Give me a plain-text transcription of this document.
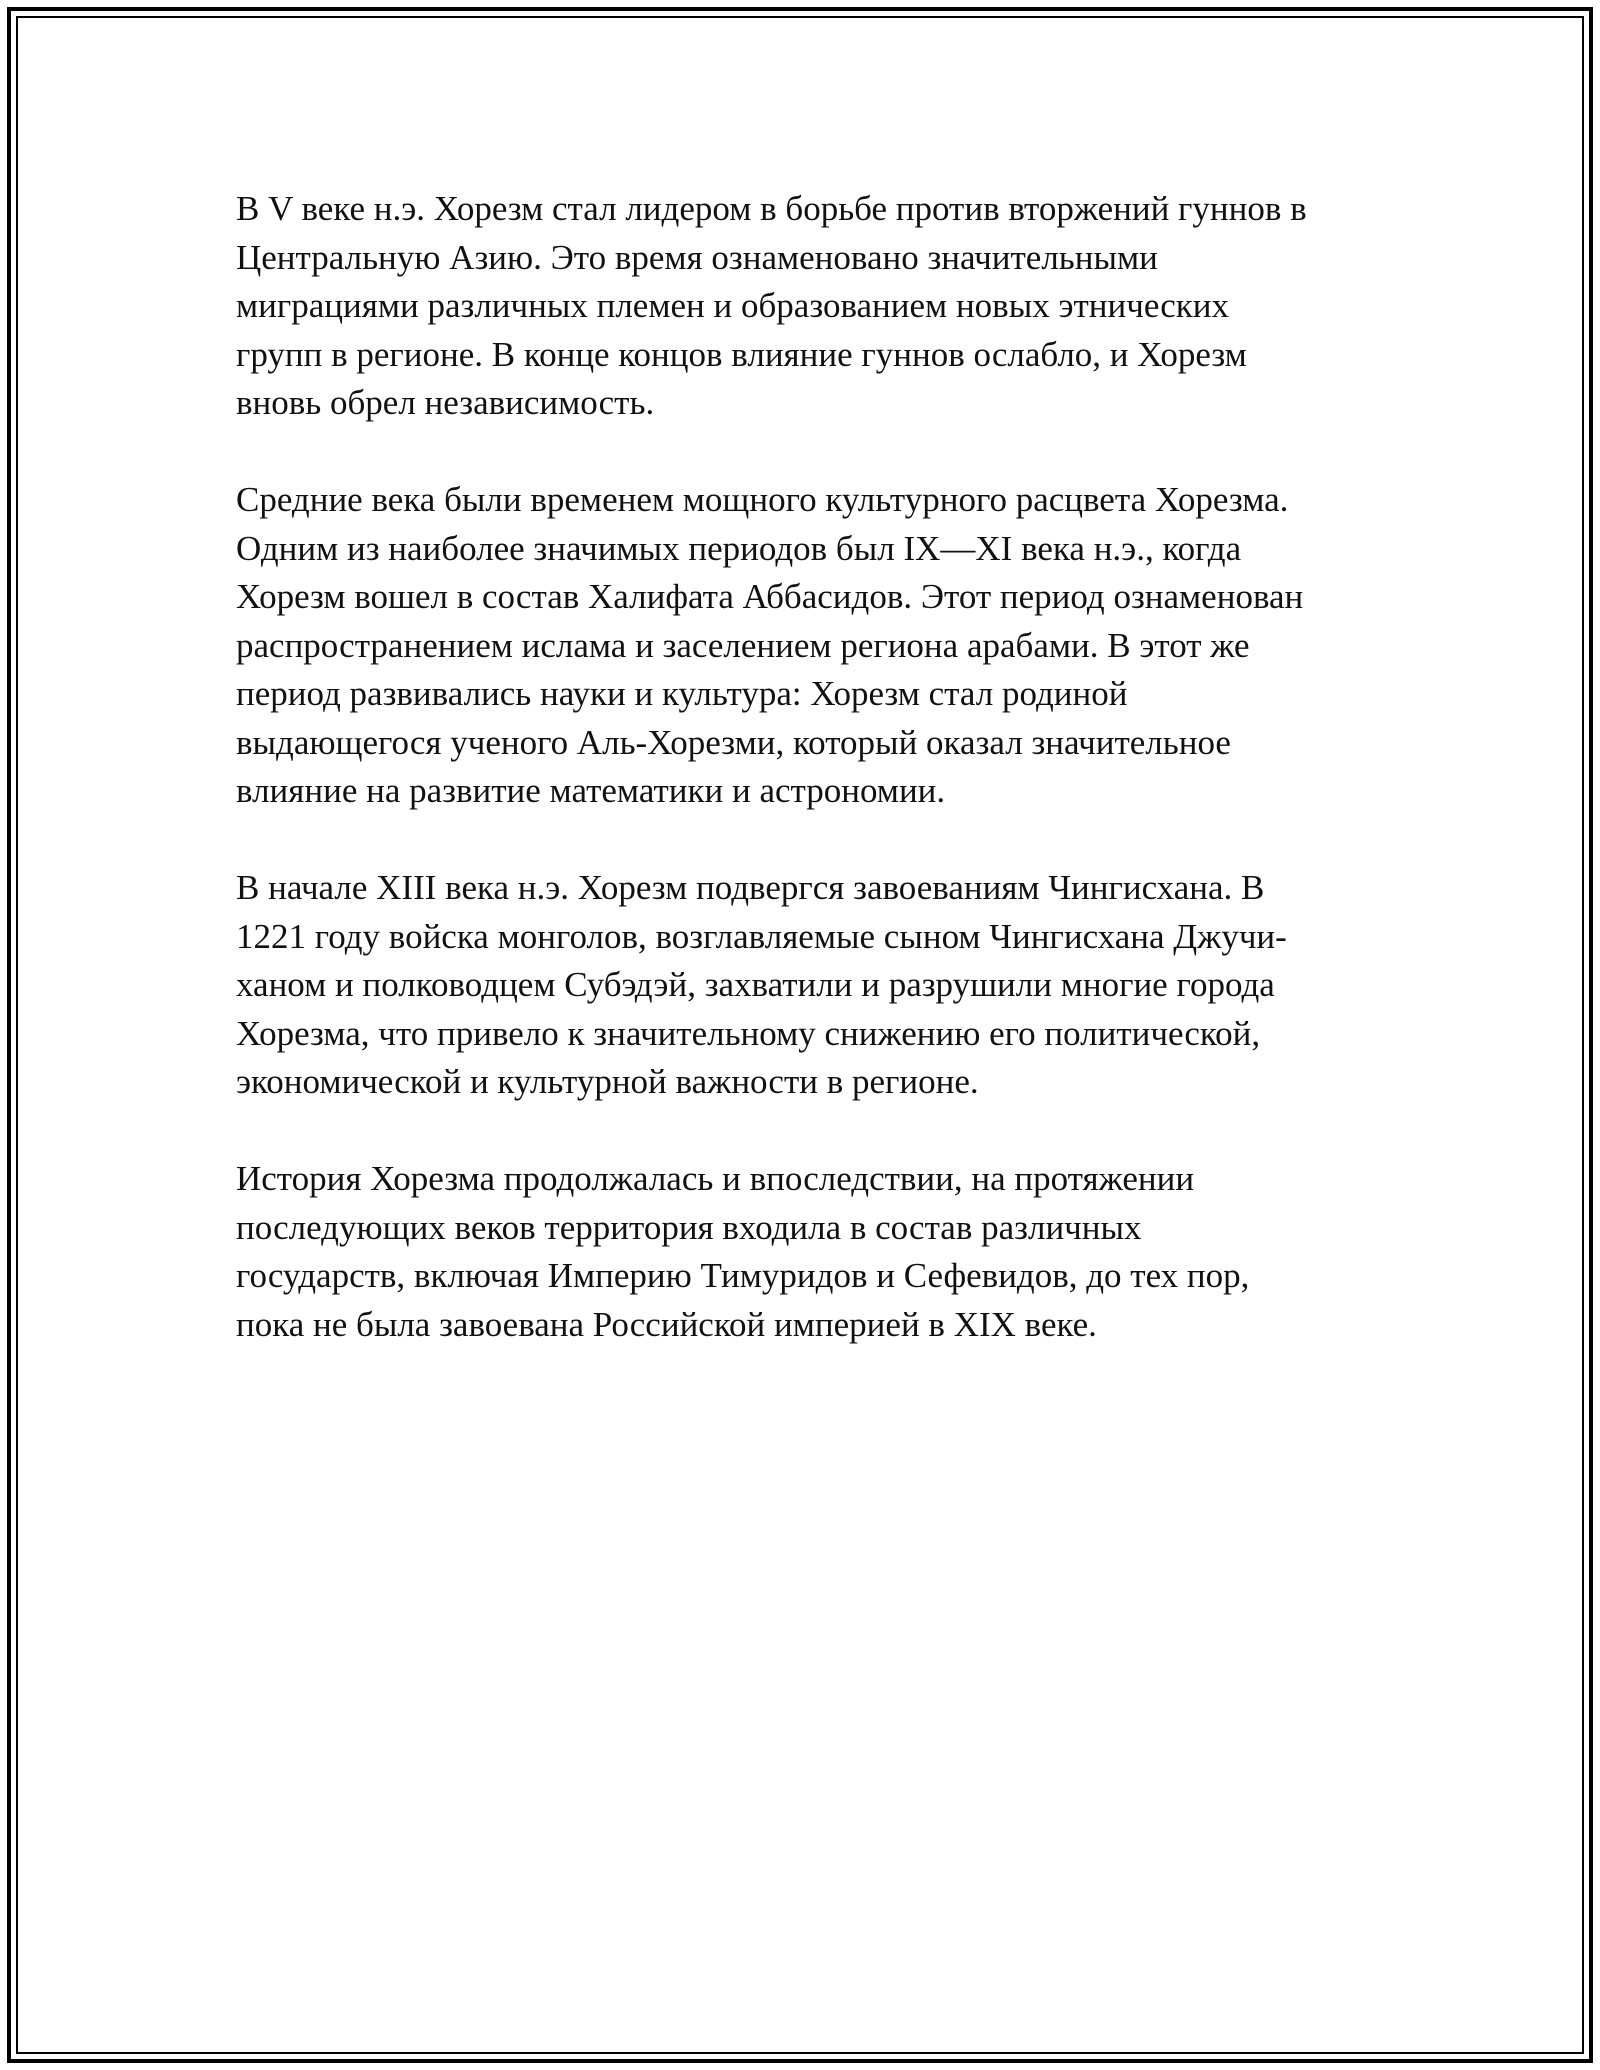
В V веке н.э. Хорезм стал лидером в борьбе против вторжений гуннов в
Центральную Азию. Это время ознаменовано значительными
миграциями различных племен и образованием новых этнических
групп в регионе. В конце концов влияние гуннов ослабло, и Хорезм
вновь обрел независимость.

Средние века были временем мощного культурного расцвета Хорезма.
Одним из наиболее значимых периодов был IX—XI века н.э., когда
Хорезм вошел в состав Халифата Аббасидов. Этот период ознаменован
распространением ислама и заселением региона арабами. В этот же
период развивались науки и культура: Хорезм стал родиной
выдающегося ученого Аль-Хорезми, который оказал значительное
влияние на развитие математики и астрономии.

В начале XIII века н.э. Хорезм подвергся завоеваниям Чингисхана. В
1221 году войска монголов, возглавляемые сыном Чингисхана Джучи-
ханом и полководцем Субэдэй, захватили и разрушили многие города
Хорезма, что привело к значительному снижению его политической,
экономической и культурной важности в регионе.

История Хорезма продолжалась и впоследствии, на протяжении
последующих веков территория входила в состав различных
государств, включая Империю Тимуридов и Сефевидов, до тех пор,
пока не была завоевана Российской империей в XIX веке.
